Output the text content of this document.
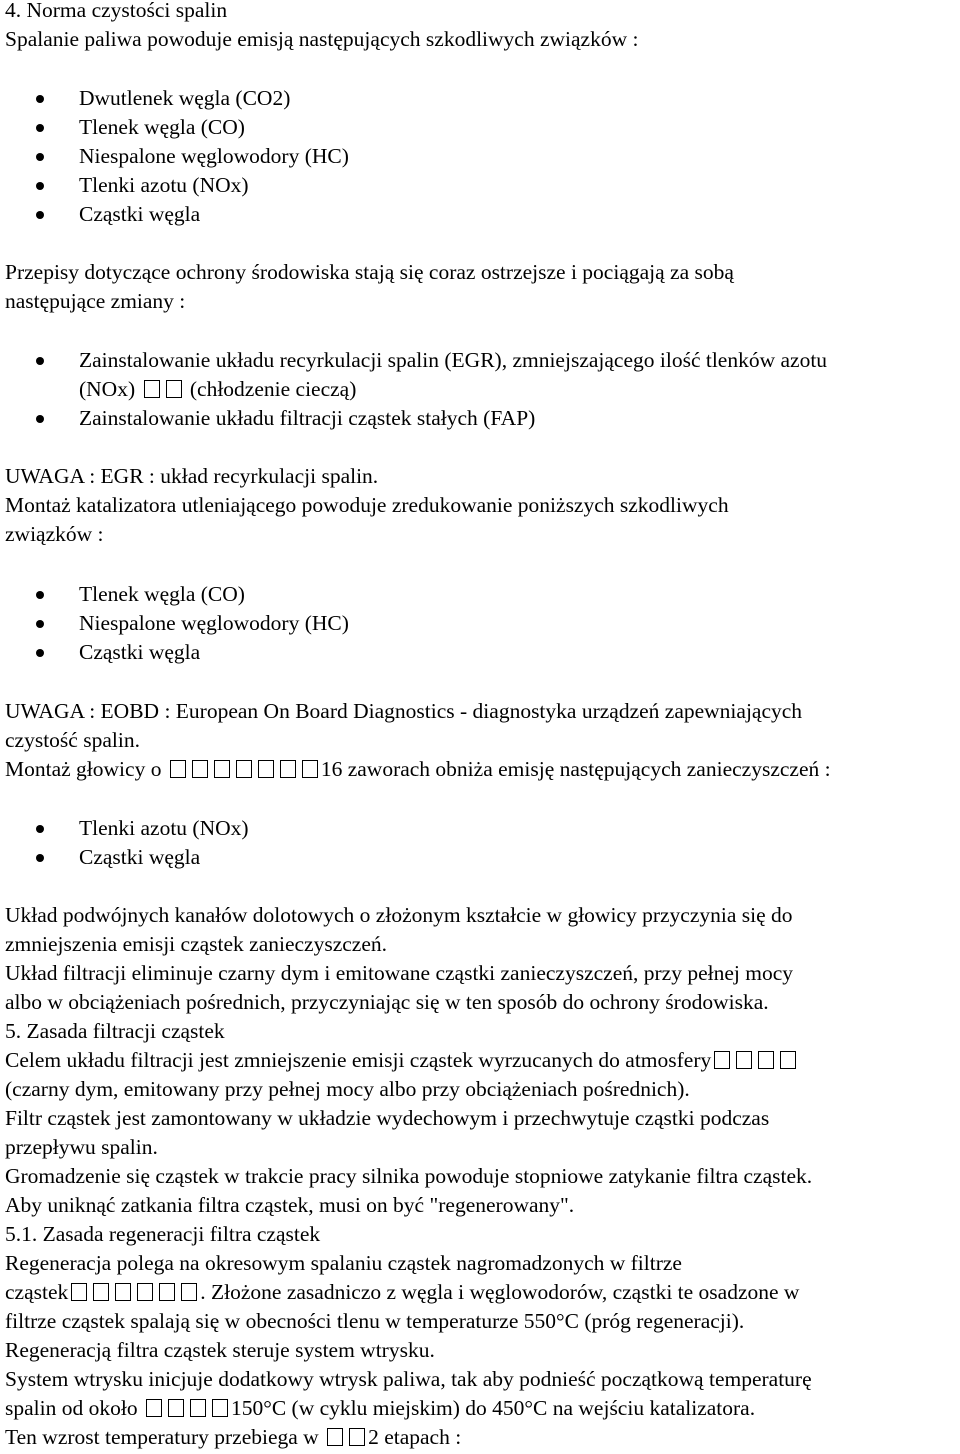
4. Norma czystości spalin
Spalanie paliwa powoduje emisją następujących szkodliwych związków :
Dwutlenek węgla (CO2)
Tlenek węgla (CO)
Niespalone węglowodory (HC)
Tlenki azotu (NOx)
Cząstki węgla
Przepisy dotyczące ochrony środowiska stają się coraz ostrzejsze i pociągają za sobą
następujące zmiany :
Zainstalowanie układu recyrkulacji spalin (EGR), zmniejszającego ilość tlenków azotu
(NOx)	(chłodzenie cieczą)
Zainstalowanie układu filtracji cząstek stałych (FAP)
UWAGA : EGR : układ recyrkulacji spalin.
Montaż katalizatora utleniającego powoduje zredukowanie poniższych szkodliwych
związków :
Tlenek węgla (CO)
Niespalone węglowodory (HC)
Cząstki węgla
UWAGA : EOBD : European On Board Diagnostics - diagnostyka urządzeń zapewniających
czystość spalin.
Montaż głowicy o	16 zaworach obniża emisję następujących zanieczyszczeń :
Tlenki azotu (NOx)
Cząstki węgla
Układ podwójnych kanałów dolotowych o złożonym kształcie w głowicy przyczynia się do
zmniejszenia emisji cząstek zanieczyszczeń.
Układ filtracji eliminuje czarny dym i emitowane cząstki zanieczyszczeń, przy pełnej mocy
albo w obciążeniach pośrednich, przyczyniając się w ten sposób do ochrony środowiska.
5. Zasada filtracji cząstek
Celem układu filtracji jest zmniejszenie emisji cząstek wyrzucanych do atmosfery
(czarny dym, emitowany przy pełnej mocy albo przy obciążeniach pośrednich).
Filtr cząstek jest zamontowany w układzie wydechowym i przechwytuje cząstki podczas
przepływu spalin.
Gromadzenie się cząstek w trakcie pracy silnika powoduje stopniowe zatykanie filtra cząstek.
Aby uniknąć zatkania filtra cząstek, musi on być "regenerowany".
5.1. Zasada regeneracji filtra cząstek
Regeneracja polega na okresowym spalaniu cząstek nagromadzonych w filtrze
cząstek	. Złożone zasadniczo z węgla i węglowodorów, cząstki te osadzone w
filtrze cząstek spalają się w obecności tlenu w temperaturze 550°C (próg regeneracji).
Regeneracją filtra cząstek steruje system wtrysku.
System wtrysku inicjuje dodatkowy wtrysk paliwa, tak aby podnieść początkową temperaturę
spalin od około	150°C (w cyklu miejskim) do 450°C na wejściu katalizatora.
Ten wzrost temperatury przebiega w 2 etapach :
